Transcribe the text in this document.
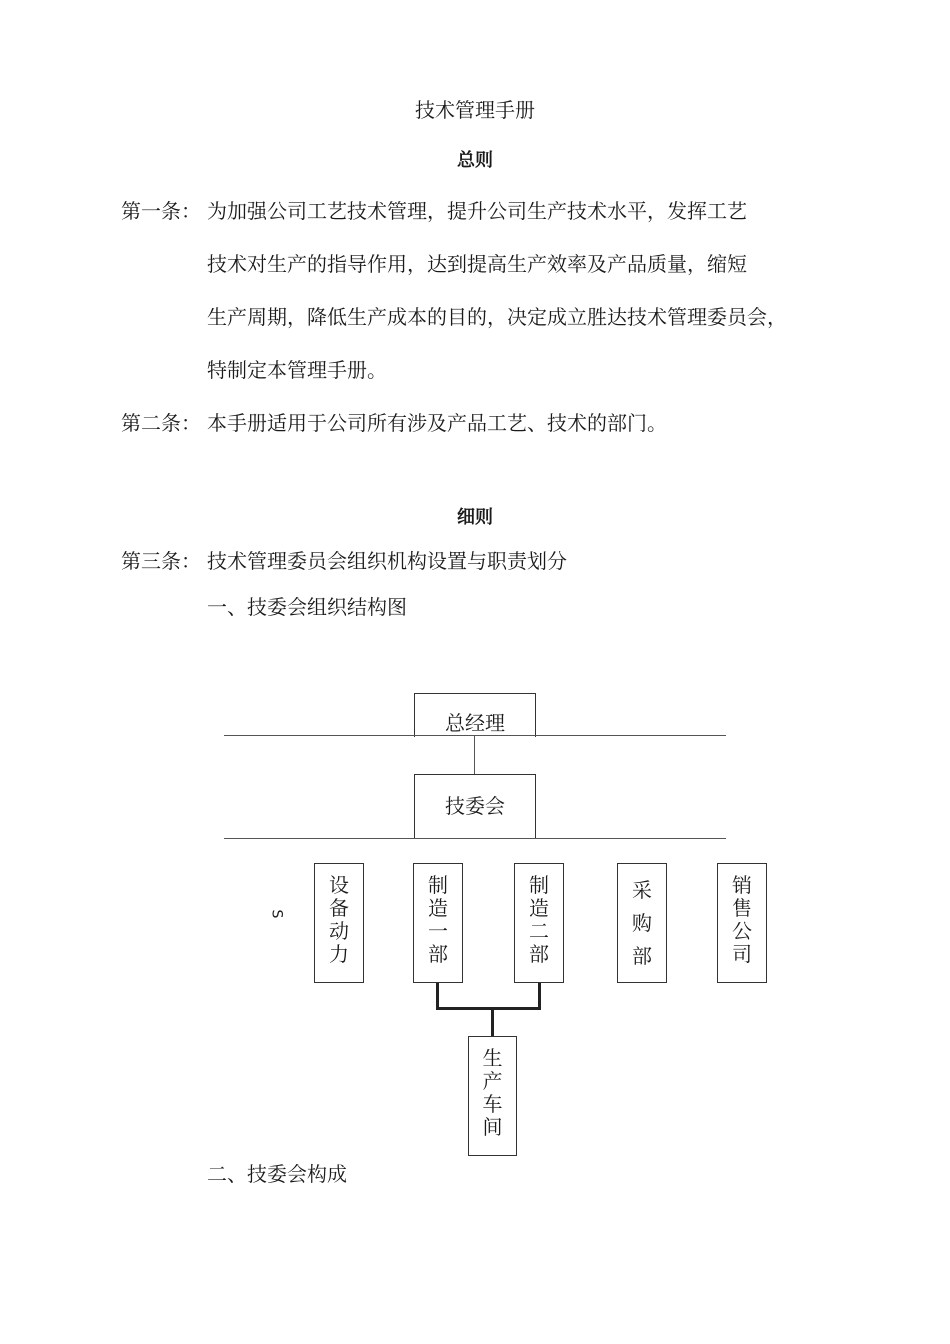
技术管理手册
总则
第一条： 为加强公司工艺技术管理，提升公司生产技术水平，发挥工艺
技术对生产的指导作用，达到提高生产效率及产品质量，缩短
生产周期，降低生产成本的目的，决定成立胜达技术管理委员会，
特制定本管理手册。
第二条： 本手册适用于公司所有涉及产品工艺、技术的部门。
细则
第三条： 技术管理委员会组织机构设置与职责划分
一、技委会组织结构图
总经理
技委会
S
设备动力
制造一部
制造二部
采购部
销售公司
生产车间
二、技委会构成
